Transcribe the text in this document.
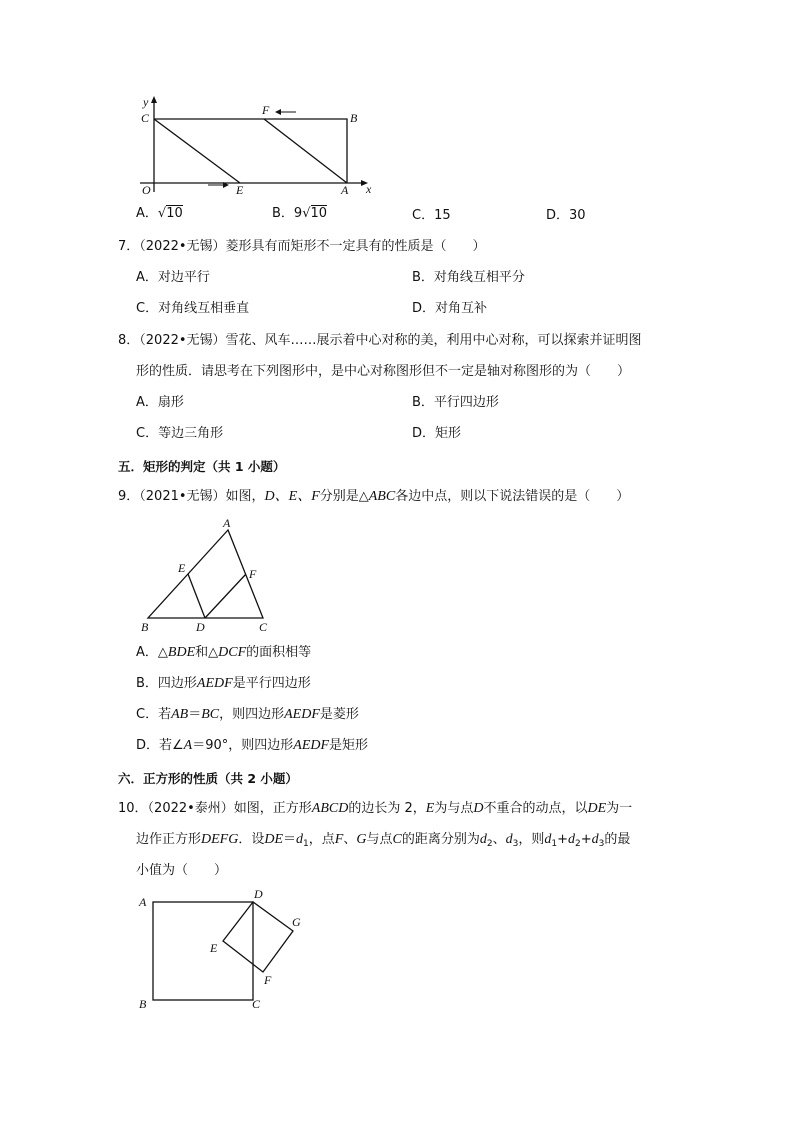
y
C
F
B
O	E	A x
A．√10	B．9√10	C．15	D．30
7．（2022•无锡）菱形具有而矩形不一定具有的性质是（　　）
A．对边平行	B．对角线互相平分
C．对角线互相垂直	D．对角互补
8．（2022•无锡）雪花、风车……展示着中心对称的美，利用中心对称，可以探索并证明图
形的性质．请思考在下列图形中，是中心对称图形但不一定是轴对称图形的为（　　）
A．扇形	B．平行四边形
C．等边三角形	D．矩形
五．矩形的判定（共 1 小题）
9．（2021•无锡）如图，D、E、F分别是△ABC各边中点，则以下说法错误的是（　　）
A
E	F
B	D	C
A．△BDE和△DCF的面积相等
B．四边形AEDF是平行四边形
C．若AB＝BC，则四边形AEDF是菱形
D．若∠A＝90°，则四边形AEDF是矩形
六．正方形的性质（共 2 小题）
10．（2022•泰州）如图，正方形ABCD的边长为 2，E为与点D不重合的动点，以DE为一
边作正方形DEFG．设$DE=d_1$，点F、G与点C的距离分别为$d_2$、$d_3$，则$d_1+d_2+d_3$的最
小值为（　　）
A
D
G
E
F
B	C
